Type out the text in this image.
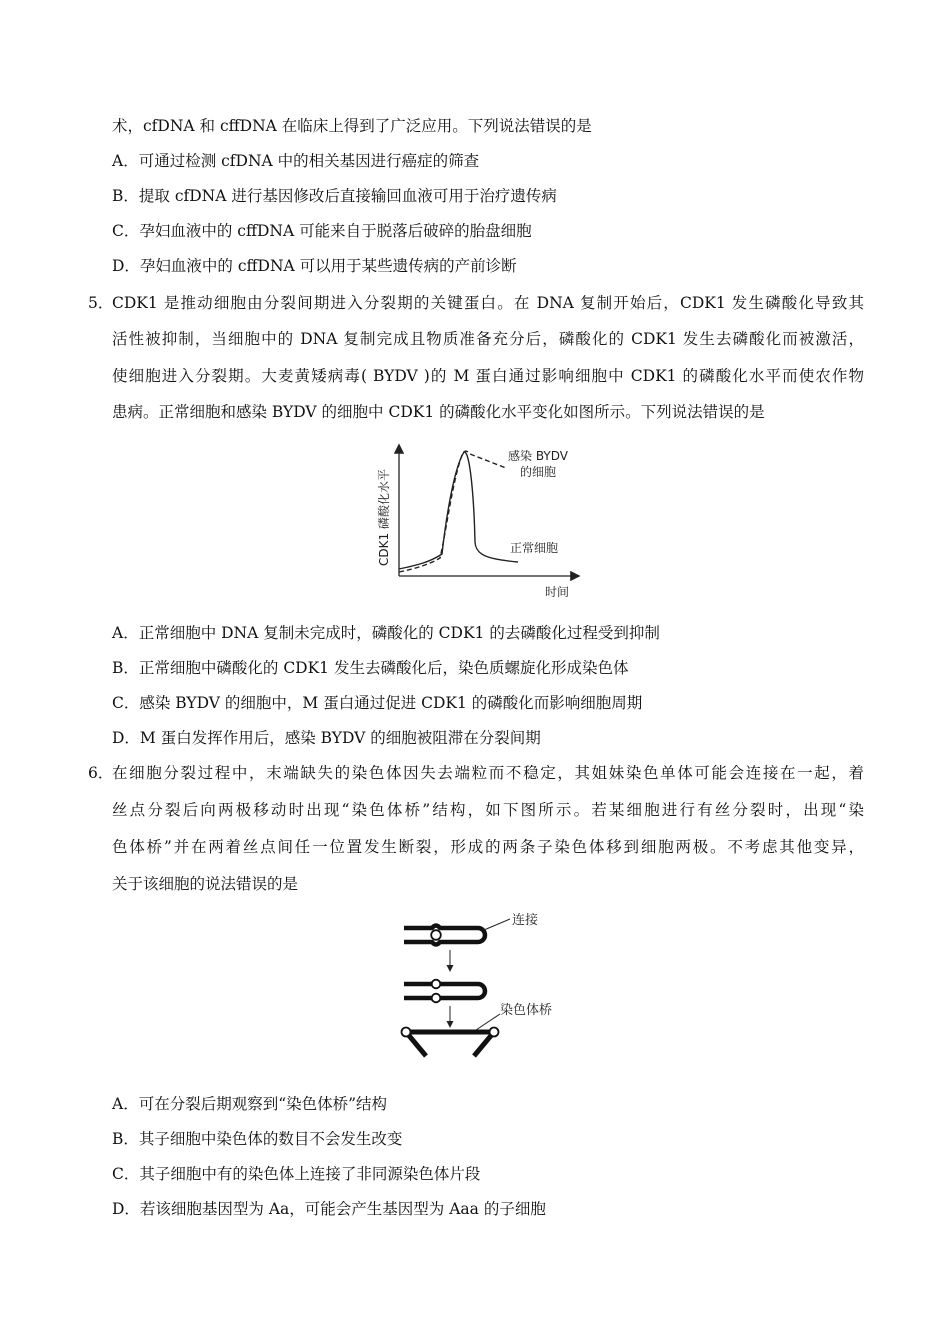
术，cfDNA 和 cffDNA 在临床上得到了广泛应用。下列说法错误的是
A．可通过检测 cfDNA 中的相关基因进行癌症的筛查
B．提取 cfDNA 进行基因修改后直接输回血液可用于治疗遗传病
C．孕妇血液中的 cffDNA 可能来自于脱落后破碎的胎盘细胞
D．孕妇血液中的 cffDNA 可以用于某些遗传病的产前诊断
5．
CDK1 是推动细胞由分裂间期进入分裂期的关键蛋白。在 DNA 复制开始后，CDK1 发生磷酸化导致其
活性被抑制，当细胞中的 DNA 复制完成且物质准备充分后，磷酸化的 CDK1 发生去磷酸化而被激活，
使细胞进入分裂期。大麦黄矮病毒( BYDV )的 M 蛋白通过影响细胞中 CDK1 的磷酸化水平而使农作物
患病。正常细胞和感染 BYDV 的细胞中 CDK1 的磷酸化水平变化如图所示。下列说法错误的是
CDK1 磷酸化水平
时间
感染 BYDV
的细胞
正常细胞
A．正常细胞中 DNA 复制未完成时，磷酸化的 CDK1 的去磷酸化过程受到抑制
B．正常细胞中磷酸化的 CDK1 发生去磷酸化后，染色质螺旋化形成染色体
C．感染 BYDV 的细胞中，M 蛋白通过促进 CDK1 的磷酸化而影响细胞周期
D．M 蛋白发挥作用后，感染 BYDV 的细胞被阻滞在分裂间期
6．
在细胞分裂过程中，末端缺失的染色体因失去端粒而不稳定，其姐妹染色单体可能会连接在一起，着
丝点分裂后向两极移动时出现“染色体桥”结构，如下图所示。若某细胞进行有丝分裂时，出现“染
色体桥”并在两着丝点间任一位置发生断裂，形成的两条子染色体移到细胞两极。不考虑其他变异，
关于该细胞的说法错误的是
连接
染色体桥
A．可在分裂后期观察到“染色体桥”结构
B．其子细胞中染色体的数目不会发生改变
C．其子细胞中有的染色体上连接了非同源染色体片段
D．若该细胞基因型为 Aa，可能会产生基因型为 Aaa 的子细胞
